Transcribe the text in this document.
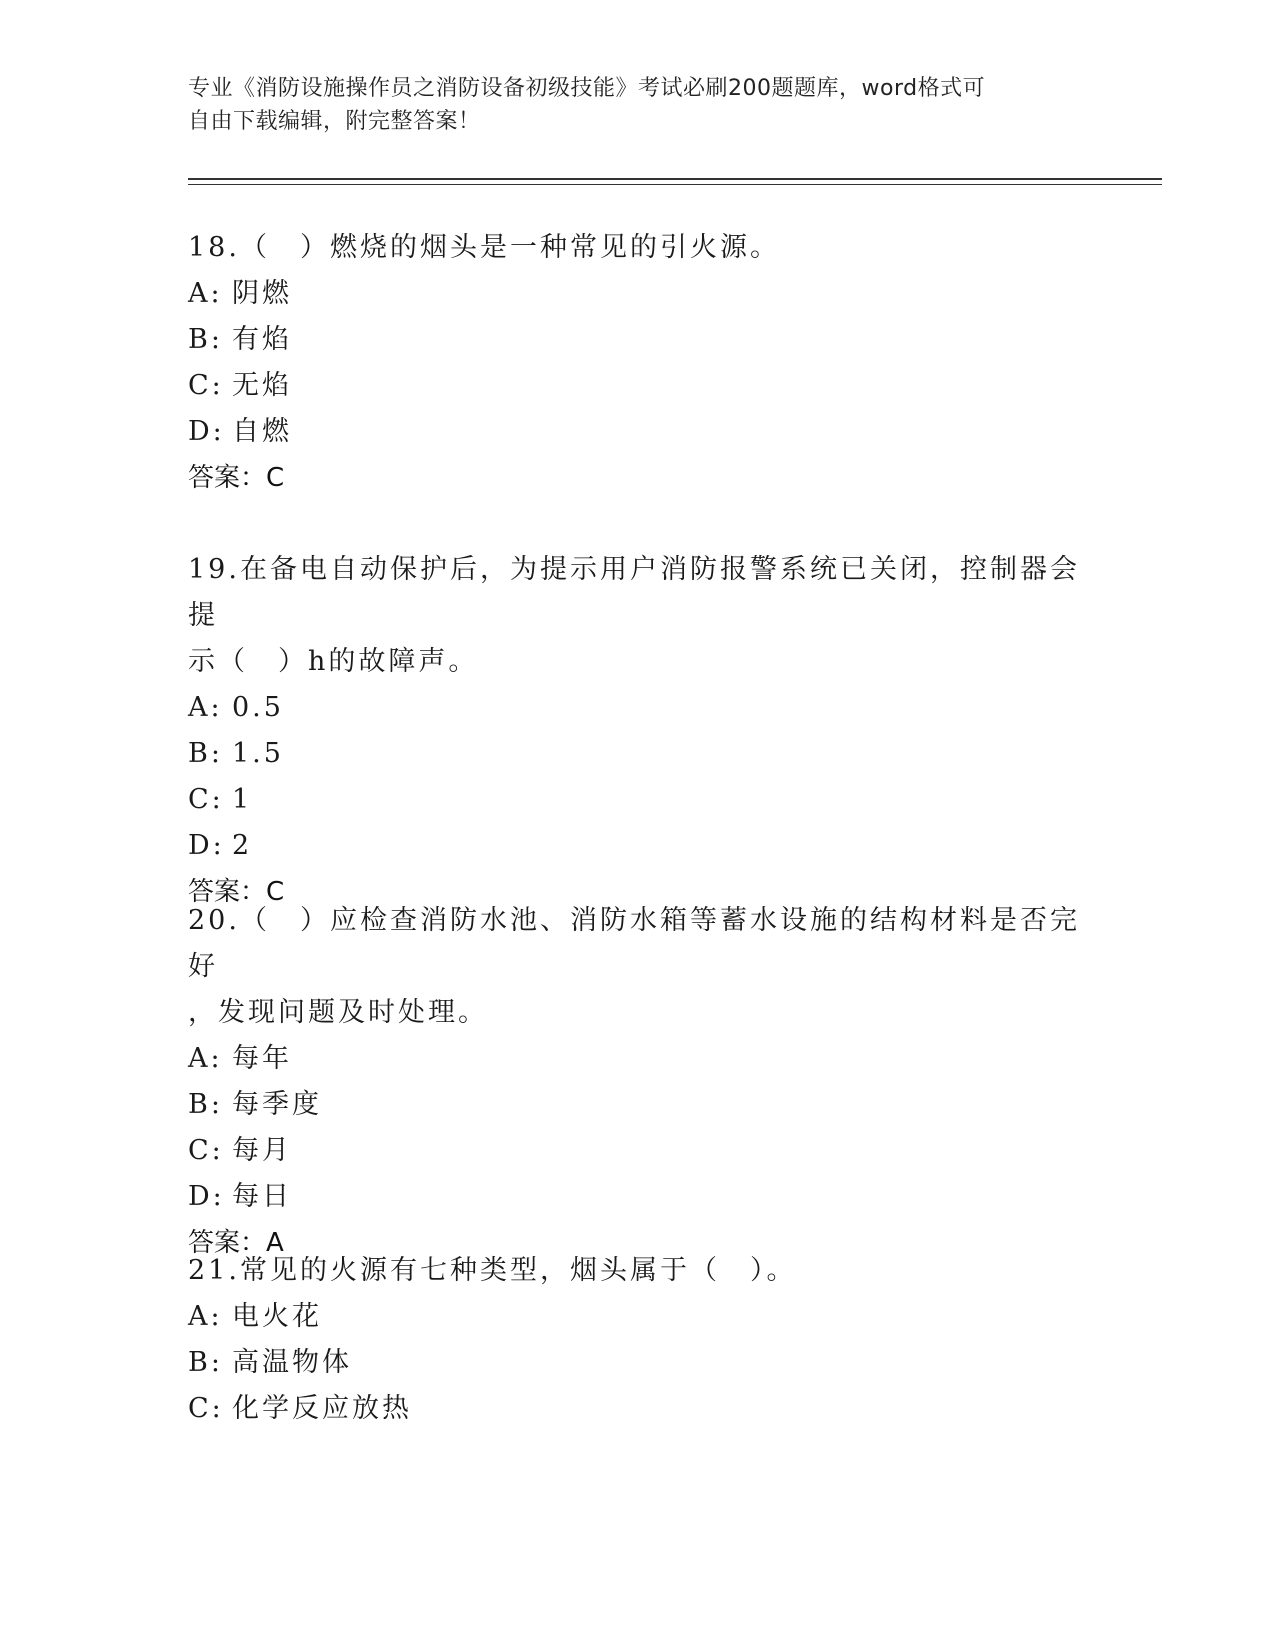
专业《消防设施操作员之消防设备初级技能》考试必刷200题题库，word格式可
自由下载编辑，附完整答案！

18.（　）燃烧的烟头是一种常见的引火源。

A: 阴燃

B: 有焰

C: 无焰

D: 自燃

答案：C

19.在备电自动保护后，为提示用户消防报警系统已关闭，控制器会提

示（　）h的故障声。

A: 0.5

B: 1.5

C: 1

D: 2

答案：C

20.（　）应检查消防水池、消防水箱等蓄水设施的结构材料是否完好

，发现问题及时处理。

A: 每年

B: 每季度

C: 每月

D: 每日

答案：A

21.常见的火源有七种类型，烟头属于（　）。

A: 电火花

B: 高温物体

C: 化学反应放热
